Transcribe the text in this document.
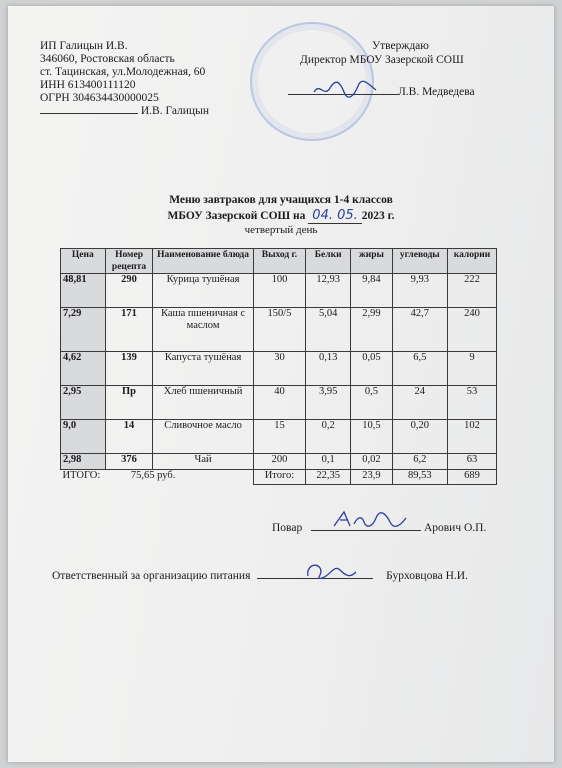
ИП Галицын И.В.
346060, Ростовская область
ст. Тацинская, ул.Молодежная, 60
ИНН 613400111120
ОГРН 304634430000025
И.В. Галицын
Утверждаю
Директор МБОУ Зазерской СОШ
Л.В. Медведева
Меню завтраков для учащихся 1-4 классов
МБОУ Зазерской СОШ на 04. 05. 2023 г.
четвертый день
Цена	Номер рецепта	Наименование блюда	Выход г.	Белки	жиры	углеводы	калории
48,81	290	Курица тушёная	100	12,93	9,84	9,93	222
7,29	171	Каша пшеничная с маслом	150/5	5,04	2,99	42,7	240
4,62	139	Капуста тушёная	30	0,13	0,05	6,5	9
2,95	Пр	Хлеб пшеничный	40	3,95	0,5	24	53
9,0	14	Сливочное масло	15	0,2	10,5	0,20	102
2,98	376	Чай	200	0,1	0,02	6,2	63
ИТОГО: 75,65 руб.			Итого:	22,35	23,9	89,53	689
Повар	Арович О.П.
Ответственный за организацию питания	Бурховцова Н.И.
